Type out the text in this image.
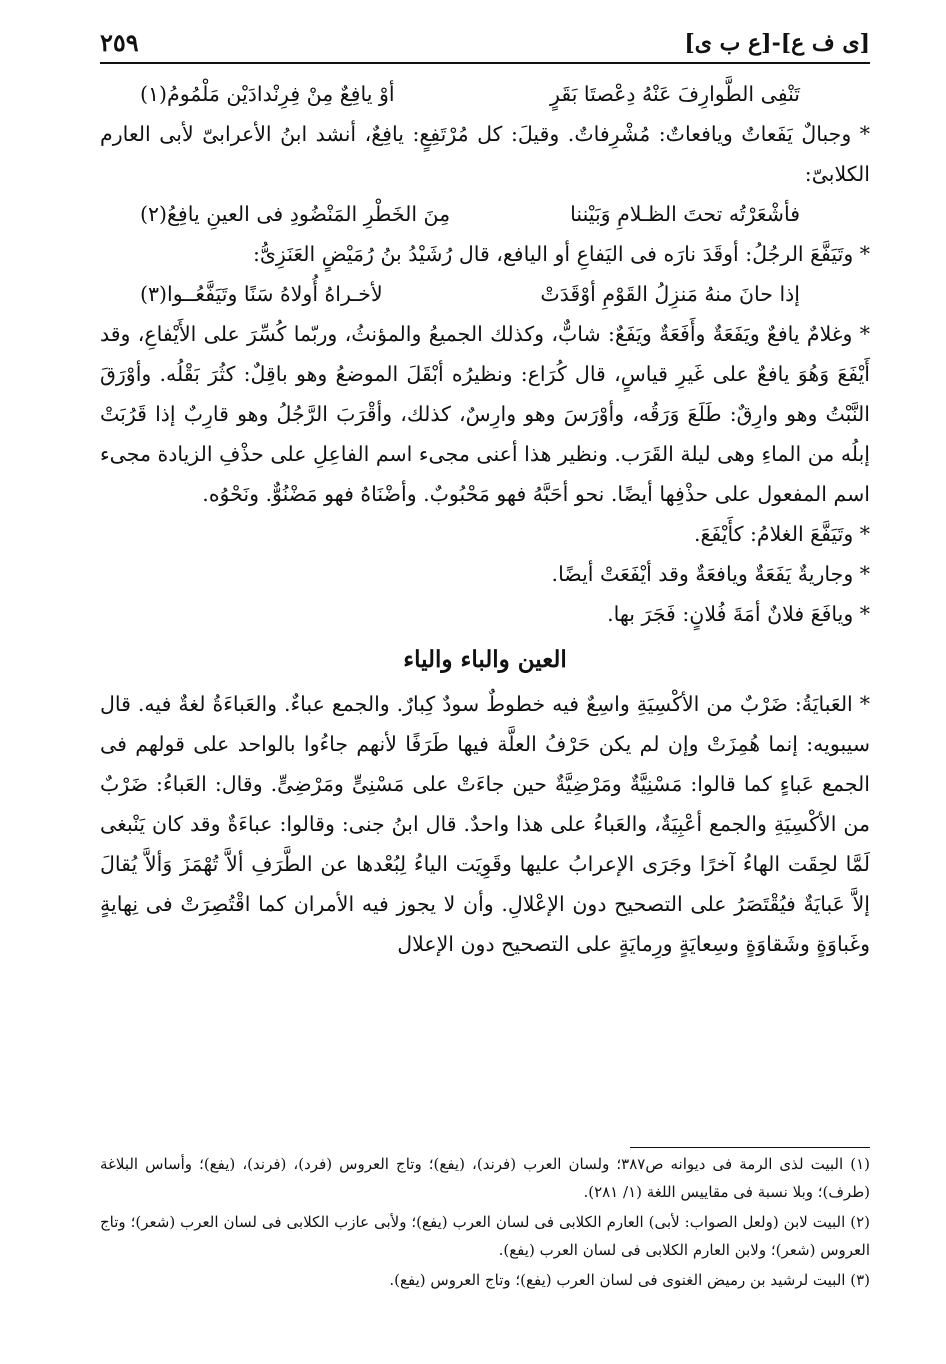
[ى ف ع]-[ع ب ى]
٢٥٩
تَنْفِى الطَّوارِفَ عَنْهُ دِعْصتَا بَقَرٍ
أوْ يافِعٌ مِنْ فِرِنْدادَيْن مَلْمُومُ(١)

* وجبالٌ يَفَعاتٌ ويافعاتٌ: مُشْرِفاتٌ. وقيلَ: كل مُرْتَفِعٍ: يافِعٌ، أنشد ابنُ الأعرابىّ لأبى العارم الكلابىّ:

فأشْعَرْتُه تحتَ الظـلامِ وَبَيْننا
مِنَ الخَطْرِ المَنْضُودِ فى العينِ يافِعُ(٢)

* وتَيَفَّعَ الرجُلُ: أوقَدَ نارَه فى اليَفاعِ أو اليافع، قال رُشَيْدُ بنُ رُمَيْضٍ العَنَزِىُّ:

إذا حانَ منهُ مَنزِلُ القَوْمِ أوْقَدَتْ
لأخـراهُ أُولاهُ سَنًا وتَيَفَّعُــوا(٣)

* وغلامٌ يافعٌ ويَفَعَةٌ وأَفَعَةٌ ويَفَعٌ: شابٌّ، وكذلك الجميعُ والمؤنثُ، وربّما كُسِّرَ على الأَيْفاعِ، وقد أَيْفَعَ وَهُوَ يافعٌ على غَيرِ قياسٍ، قال كُرَاع: ونظيرُه أبْقَلَ الموضعُ وهو باقِلٌ: كثُرَ بَقْلُه. وأوْرَقَ النَّبْتُ وهو وارِقٌ: طَلَعَ وَرَقُه، وأوْرَسَ وهو وارِسٌ، كذلك، وأقْرَبَ الرَّجُلُ وهو قارِبٌ إذا قَرُبَتْ إبلُه من الماءِ وهى ليلة القَرَب. ونظير هذا أعنى مجىء اسم الفاعِلِ على حذْفِ الزيادة مجىء اسم المفعول على حذْفِها أيضًا. نحو أحَبَّهُ فهو مَحْبُوبٌ. وأضْنَاهُ فهو مَضْنُوٌّ. ونَحْوُه.

* وتَيَفَّعَ الغلامُ: كأَيْفَعَ.

* وجاريةٌ يَفَعَةٌ ويافعَةٌ وقد أيْفَعَتْ أيضًا.

* ويافَعَ فلانٌ أمَةَ فُلانٍ: فَجَرَ بها.

العين والباء والياء

* العَبايَةُ: ضَرْبٌ من الأكْسِيَةِ واسِعٌ فيه خطوطٌ سودٌ كِبارٌ. والجمع عباءٌ. والعَباءَةُ لغةٌ فيه. قال سيبويه: إنما هُمِزَتْ وإن لم يكن حَرْفُ العلَّة فيها طَرَفًا لأنهم جاءُوا بالواحد على قولهم فى الجمع عَباءٍ كما قالوا: مَسْنِيَّةٌ ومَرْضِيَّةٌ حين جاءَتْ على مَسْنِىٍّ ومَرْضِىٍّ. وقال: العَباءُ: ضَرْبٌ من الأكْسِيَةِ والجمع أعْبِيَةٌ، والعَباءُ على هذا واحدٌ. قال ابنُ جنى: وقالوا: عباءَةٌ وقد كان يَنْبغى لَمَّا لحِقَت الهاءُ آخرًا وجَرَى الإعرابُ عليها وقَوِيَت الياءُ لِبُعْدها عن الطَّرَفِ ألاَّ تُهْمَزَ وَألاَّ يُقالَ إلاَّ عَبايَةٌ فيُقْتَصَرُ على التصحيح دون الإعْلالِ. وأن لا يجوز فيه الأمران كما اقْتُصِرَتْ فى نِهايةٍ وغَباوَةٍ وشَقاوَةٍ وسِعايَةٍ ورِمايَةٍ على التصحيح دون الإعلال

(١) البيت لذى الرمة فى ديوانه ص٣٨٧؛ ولسان العرب (فرند)، (يفع)؛ وتاج العروس (فرد)، (فرند)، (يفع)؛ وأساس البلاغة (طرف)؛ وبلا نسبة فى مقاييس اللغة (١/ ٢٨١).

(٢) البيت لابن (ولعل الصواب: لأبى) العارم الكلابى فى لسان العرب (يفع)؛ ولأبى عازب الكلابى فى لسان العرب (شعر)؛ وتاج العروس (شعر)؛ ولابن العارم الكلابى فى لسان العرب (يفع).

(٣) البيت لرشيد بن رميض الغنوى فى لسان العرب (يفع)؛ وتاج العروس (يفع).
